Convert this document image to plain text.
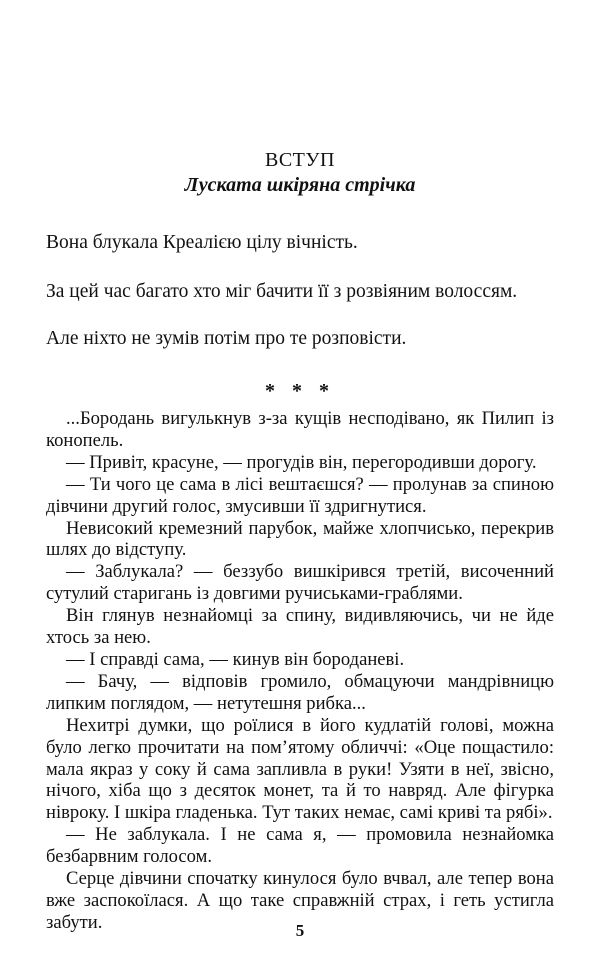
ВСТУП
Луската шкіряна стрічка

Вона блукала Креалією цілу вічність.

За цей час багато хто міг бачити її з розвіяним волоссям.

Але ніхто не зумів потім про те розповісти.

* * *

...Бородань вигулькнув з-за кущів несподівано, як Пилип із конопель.

— Привіт, красуне, — прогудів він, перегородивши дорогу.

— Ти чого це сама в лісі вештаєшся? — пролунав за спиною дівчини другий голос, змусивши її здригнутися.

Невисокий кремезний парубок, майже хлопчисько, перекрив шлях до відступу.

— Заблукала? — беззубо вишкірився третій, височенний сутулий старигань із довгими ручиськами-граблями.

Він глянув незнайомці за спину, видивляючись, чи не йде хтось за нею.

— І справді сама, — кинув він бороданеві.

— Бачу, — відповів громило, обмацуючи мандрівницю липким поглядом, — нетутешня рибка...

Нехитрі думки, що роїлися в його кудлатій голові, можна було легко прочитати на пом’ятому обличчі: «Оце пощастило: мала якраз у соку й сама запливла в руки! Узяти в неї, звісно, нічого, хіба що з десяток монет, та й то навряд. Але фігурка нівроку. І шкіра гладенька. Тут таких немає, самі криві та рябі».

— Не заблукала. І не сама я, — промовила незнайомка безбарвним голосом.

Серце дівчини спочатку кинулося було вчвал, але тепер вона вже заспокоїлася. А що таке справжній страх, і геть устигла забути.	5
